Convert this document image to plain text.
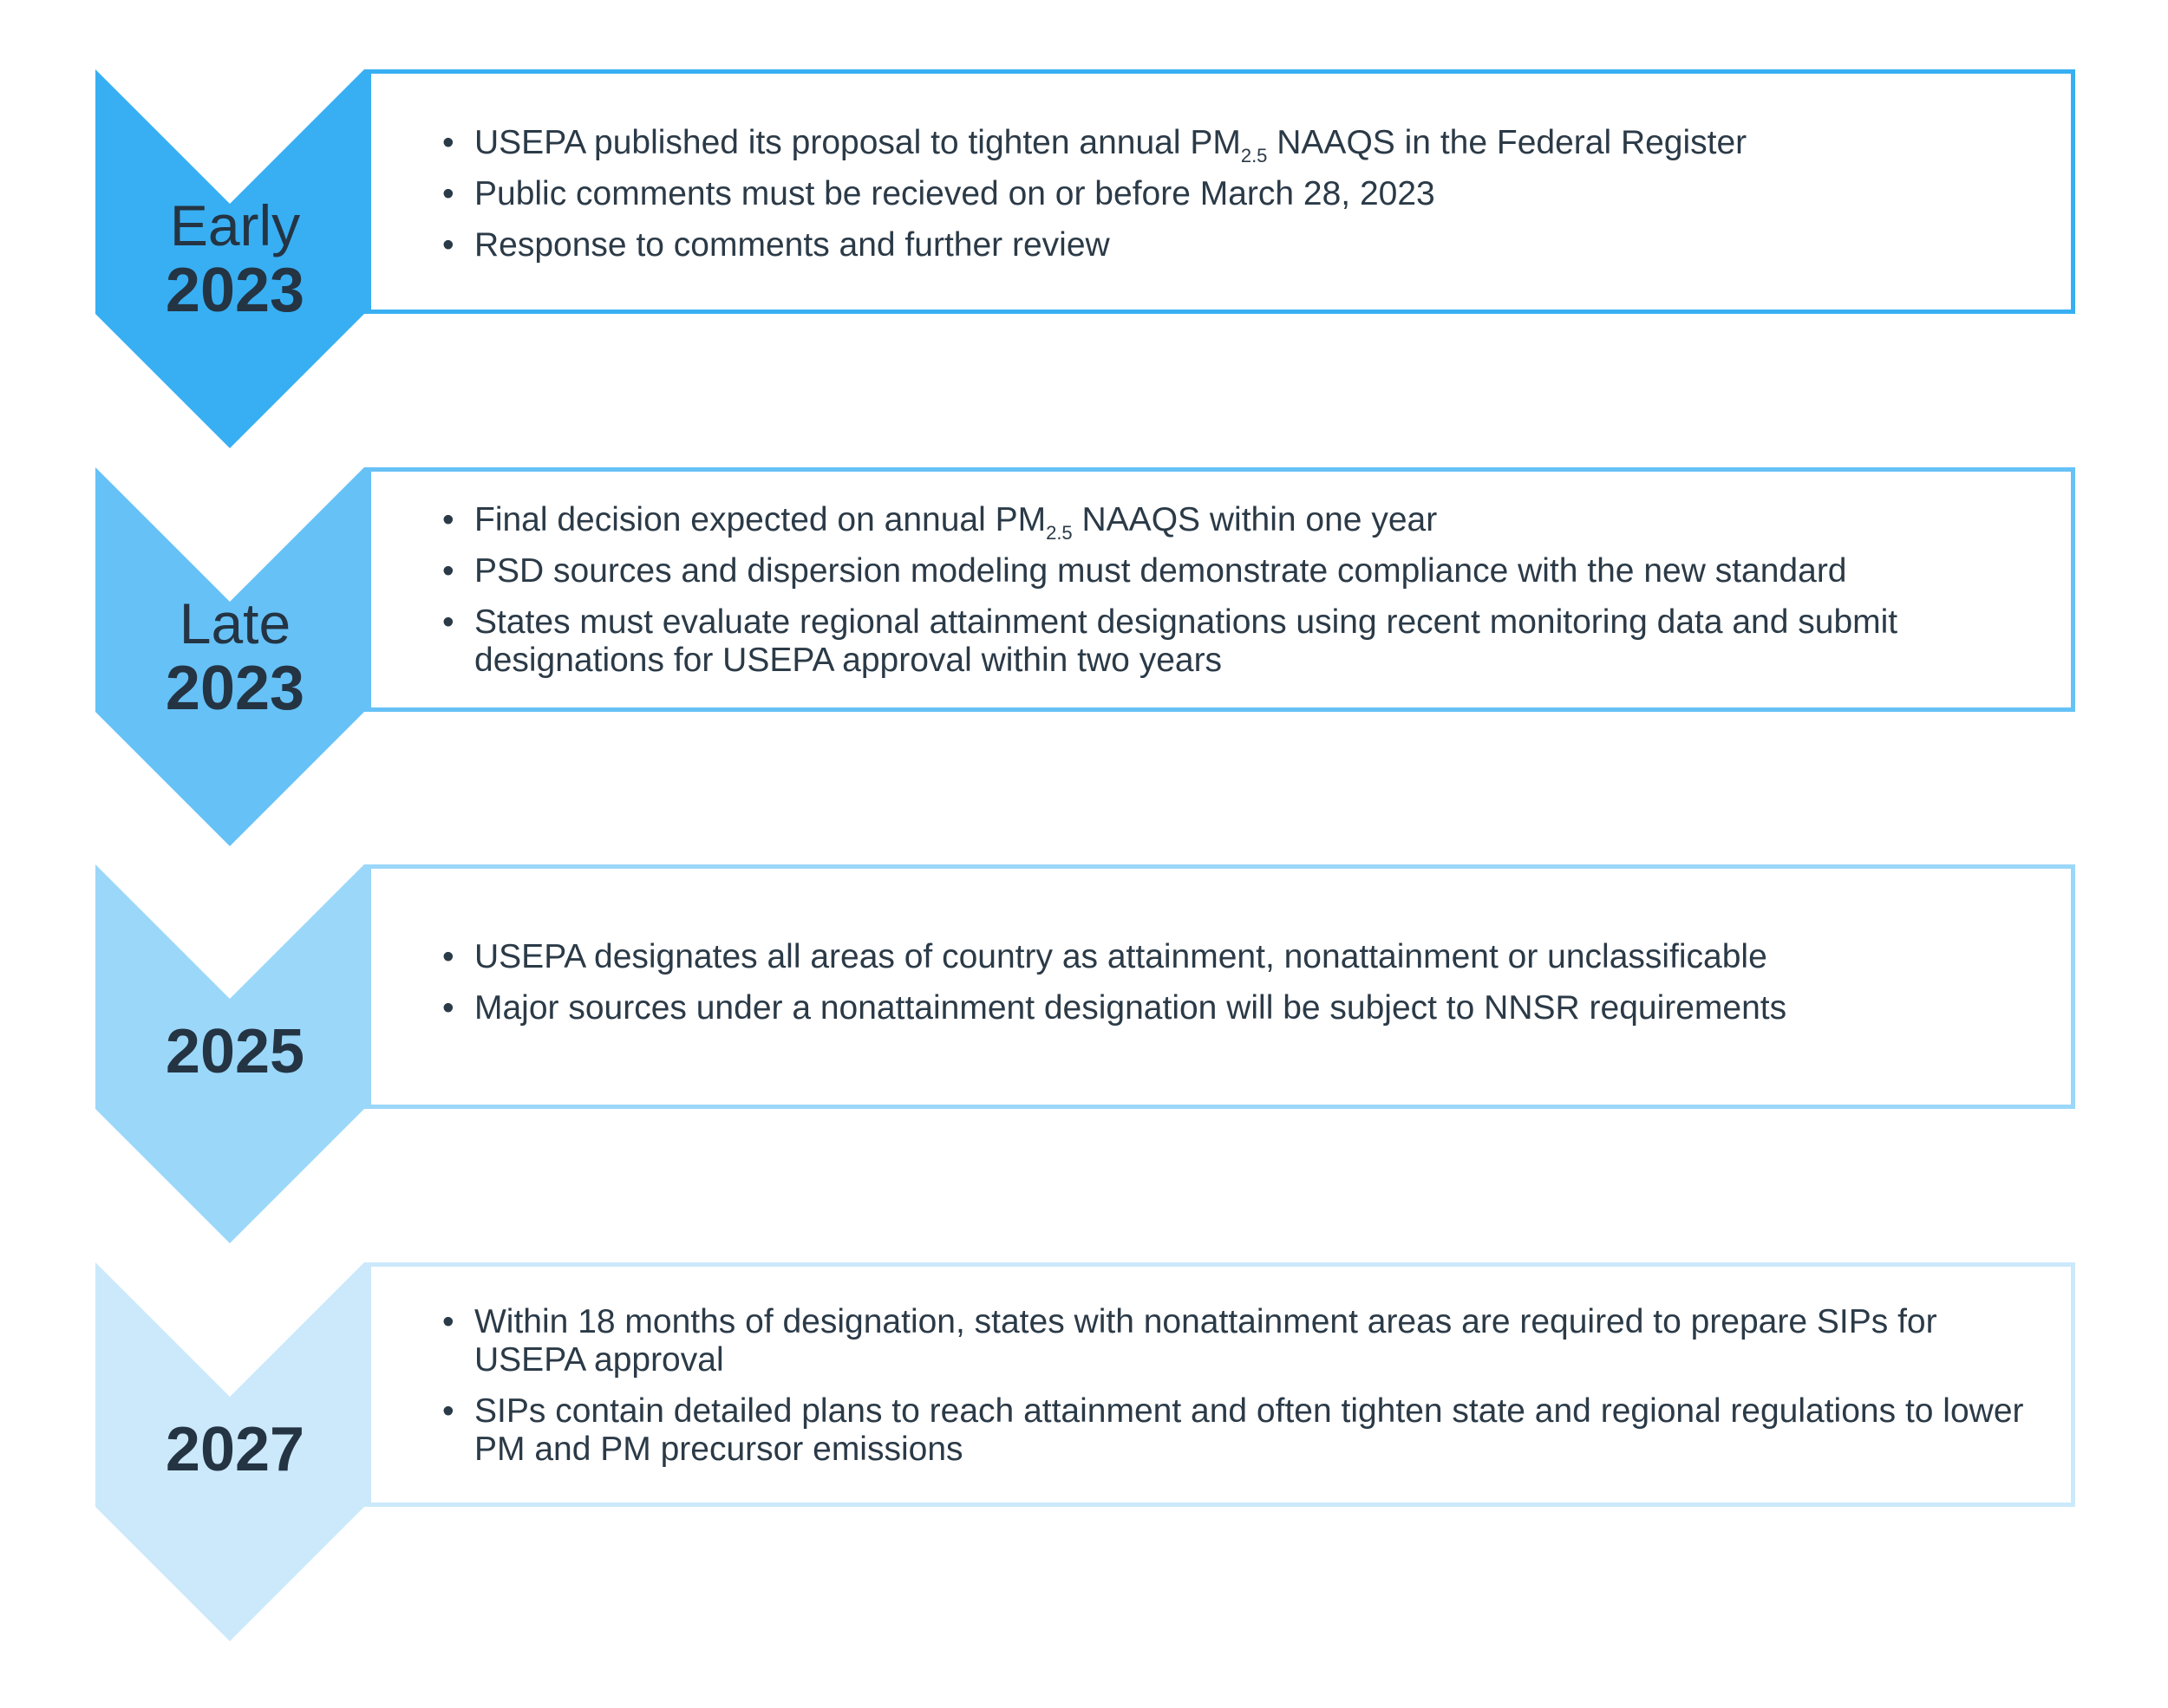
Early
2023
• USEPA published its proposal to tighten annual $PM_{2.5}$ NAAQS in the Federal Register
• Public comments must be recieved on or before March 28, 2023
• Response to comments and further review
Late
2023
• Final decision expected on annual $PM_{2.5}$ NAAQS within one year
• PSD sources and dispersion modeling must demonstrate compliance with the new standard
• States must evaluate regional attainment designations using recent monitoring data and submit designations for USEPA approval within two years
2025
• USEPA designates all areas of country as attainment, nonattainment or unclassificable
• Major sources under a nonattainment designation will be subject to NNSR requirements
2027
• Within 18 months of designation, states with nonattainment areas are required to prepare SIPs for USEPA approval
• SIPs contain detailed plans to reach attainment and often tighten state and regional regulations to lower PM and PM precursor emissions
